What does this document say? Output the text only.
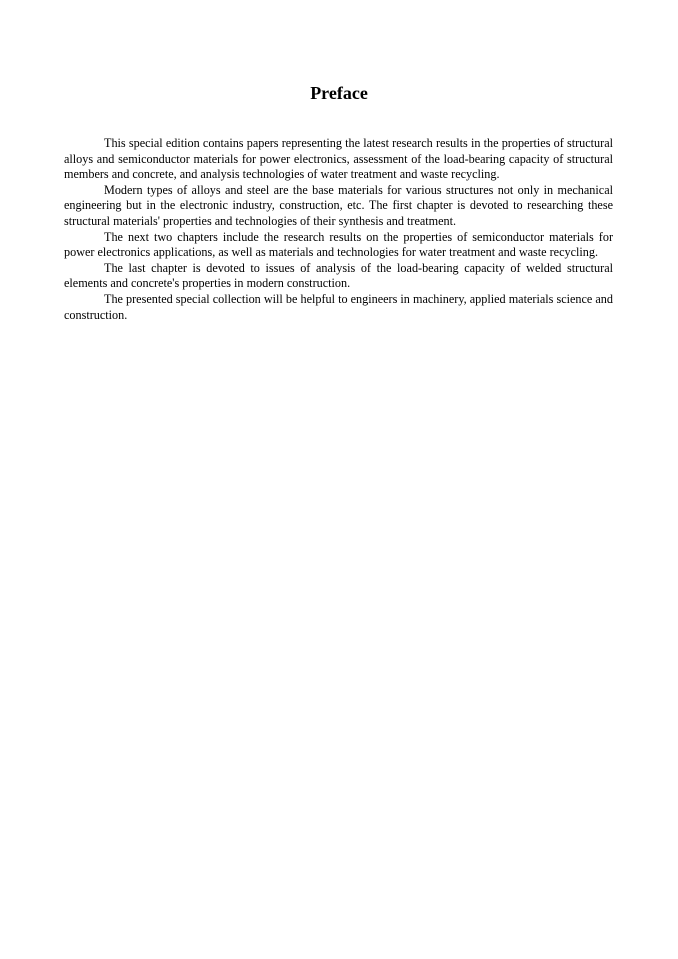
Preface

This special edition contains papers representing the latest research results in the properties of structural alloys and semiconductor materials for power electronics, assessment of the load-bearing capacity of structural members and concrete, and analysis technologies of water treatment and waste recycling.

Modern types of alloys and steel are the base materials for various structures not only in mechanical engineering but in the electronic industry, construction, etc. The first chapter is devoted to researching these structural materials' properties and technologies of their synthesis and treatment.

The next two chapters include the research results on the properties of semiconductor materials for power electronics applications, as well as materials and technologies for water treatment and waste recycling.

The last chapter is devoted to issues of analysis of the load-bearing capacity of welded structural elements and concrete's properties in modern construction.

The presented special collection will be helpful to engineers in machinery, applied materials science and construction.
